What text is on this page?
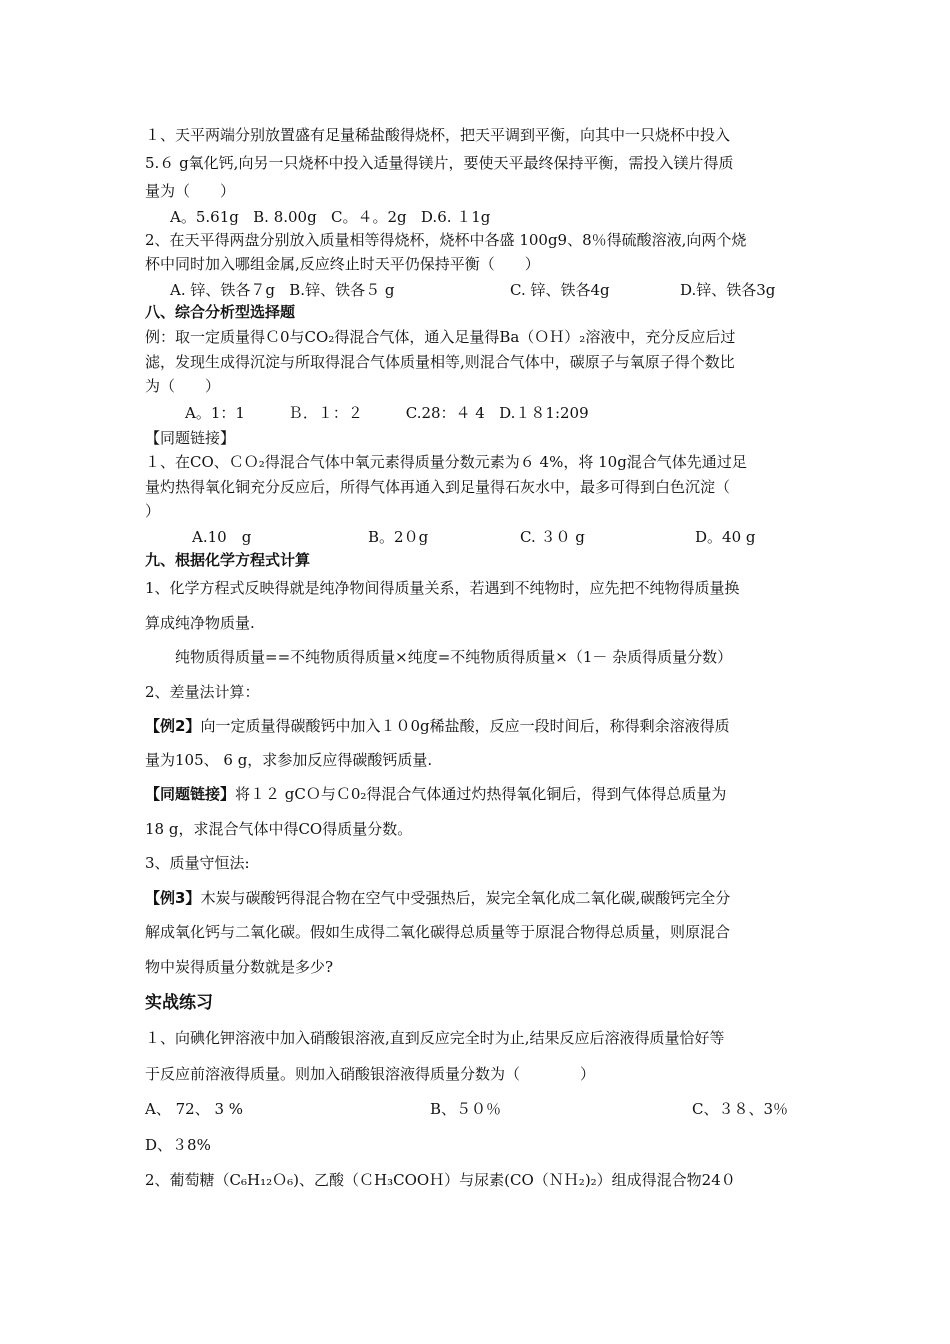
１、天平两端分别放置盛有足量稀盐酸得烧杯，把天平调到平衡，向其中一只烧杯中投入
5.６ g氧化钙,向另一只烧杯中投入适量得镁片，要使天平最终保持平衡，需投入镁片得质
量为（　　）
A。5.61g   B. 8.00g   C。４。2g   D.6. １1g
2、在天平得两盘分别放入质量相等得烧杯，烧杯中各盛 100g9、8％得硫酸溶液,向两个烧
杯中同时加入哪组金属,反应终止时天平仍保持平衡（　　）
A. 锌、铁各７g   B.锌、铁各５ g	C. 锌、铁各4g	D.锌、铁各3g
八、综合分析型选择题
例：取一定质量得Ｃ0与CO₂得混合气体，通入足量得Ba（ＯＨ）₂溶液中，充分反应后过
滤，发现生成得沉淀与所取得混合气体质量相等,则混合气体中，碳原子与氧原子得个数比
为（　　）
A。1：1         Ｂ．１：２         C.28：４ 4   D.１８1:209
【同题链接】
１、在CO、ＣＯ₂得混合气体中氧元素得质量分数元素为６ 4%，将 10g混合气体先通过足
量灼热得氧化铜充分反应后，所得气体再通入到足量得石灰水中，最多可得到白色沉淀（
）
A.10　g	B。2０g	C. ３０ g	D。40 g
九、根据化学方程式计算
1、化学方程式反映得就是纯净物间得质量关系，若遇到不纯物时，应先把不纯物得质量换
算成纯净物质量.
纯物质得质量==不纯物质得质量×纯度=不纯物质得质量×（1－ 杂质得质量分数）
2、差量法计算：
【例2】向一定质量得碳酸钙中加入１０0g稀盐酸，反应一段时间后，称得剩余溶液得质
量为105、 6 g，求参加反应得碳酸钙质量.
【同题链接】将１２ gCＯ与Ｃ0₂得混合气体通过灼热得氧化铜后，得到气体得总质量为
18 g，求混合气体中得CO得质量分数。
3、质量守恒法:
【例3】木炭与碳酸钙得混合物在空气中受强热后，炭完全氧化成二氧化碳,碳酸钙完全分
解成氧化钙与二氧化碳。假如生成得二氧化碳得总质量等于原混合物得总质量，则原混合
物中炭得质量分数就是多少?
实战练习
１、向碘化钾溶液中加入硝酸银溶液,直到反应完全时为止,结果反应后溶液得质量恰好等
于反应前溶液得质量。则加入硝酸银溶液得质量分数为（　　　　）
A、 72、 3 %	B、５０％	C、３８、3％
D、３8%
2、葡萄糖（C₆H₁₂Ｏ₆)、乙酸（ＣH₃COOＨ）与尿素(CO（ＮＨ₂)₂）组成得混合物24０
